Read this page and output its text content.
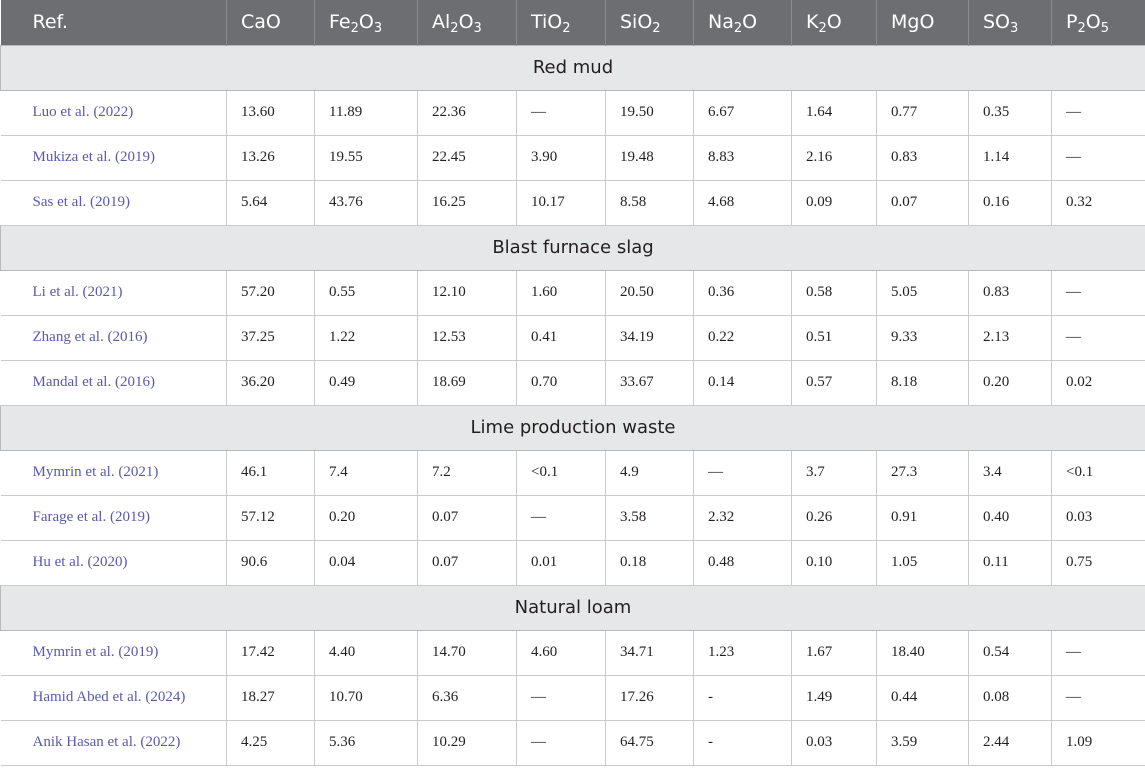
Ref.	CaO	$Fe_2O_3$	$Al_2O_3$	TiO$_2$	SiO$_2$	$Na_2O$	$K_2O$	MgO	$SO_3$	$P_2O_5$
Red mud										
Luo et al. (2022)	13.60	11.89	22.36	—	19.50	6.67	1.64	0.77	0.35	—
Mukiza et al. (2019)	13.26	19.55	22.45	3.90	19.48	8.83	2.16	0.83	1.14	—
Sas et al. (2019)	5.64	43.76	16.25	10.17	8.58	4.68	0.09	0.07	0.16	0.32
Blast furnace slag										
Li et al. (2021)	57.20	0.55	12.10	1.60	20.50	0.36	0.58	5.05	0.83	—
Zhang et al. (2016)	37.25	1.22	12.53	0.41	34.19	0.22	0.51	9.33	2.13	—
Mandal et al. (2016)	36.20	0.49	18.69	0.70	33.67	0.14	0.57	8.18	0.20	0.02
Lime production waste										
Mymrin et al. (2021)	46.1	7.4	7.2	<0.1	4.9	—	3.7	27.3	3.4	<0.1
Farage et al. (2019)	57.12	0.20	0.07	—	3.58	2.32	0.26	0.91	0.40	0.03
Hu et al. (2020)	90.6	0.04	0.07	0.01	0.18	0.48	0.10	1.05	0.11	0.75
Natural loam										
Mymrin et al. (2019)	17.42	4.40	14.70	4.60	34.71	1.23	1.67	18.40	0.54	—
Hamid Abed et al. (2024)	18.27	10.70	6.36	—	17.26	-	1.49	0.44	0.08	—
Anik Hasan et al. (2022)	4.25	5.36	10.29	—	64.75	-	0.03	3.59	2.44	1.09
